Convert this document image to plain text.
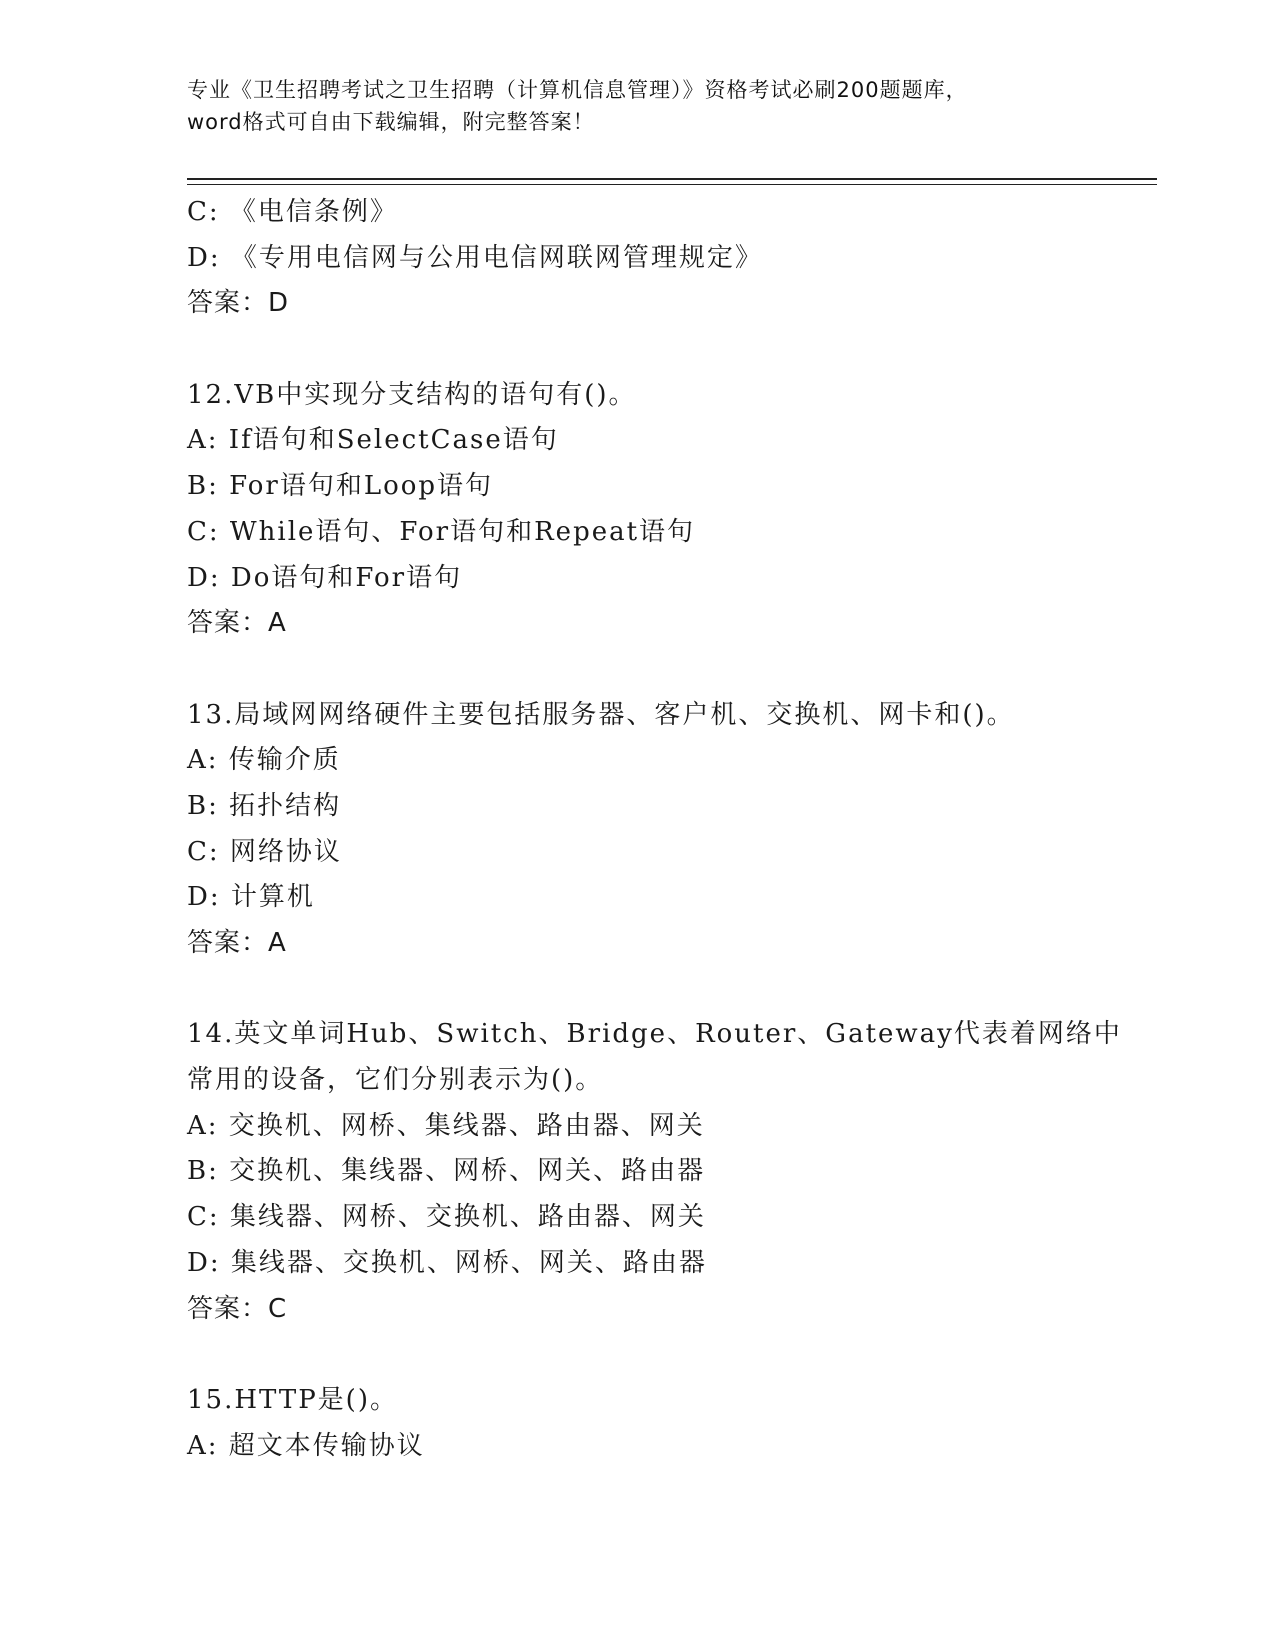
专业《卫生招聘考试之卫生招聘（计算机信息管理）》资格考试必刷200题题库，
word格式可自由下载编辑，附完整答案！
C: 《电信条例》
D: 《专用电信网与公用电信网联网管理规定》
答案：D
12.VB中实现分支结构的语句有()。
A: If语句和SelectCase语句
B: For语句和Loop语句
C: While语句、For语句和Repeat语句
D: Do语句和For语句
答案：A
13.局域网网络硬件主要包括服务器、客户机、交换机、网卡和()。
A: 传输介质
B: 拓扑结构
C: 网络协议
D: 计算机
答案：A
14.英文单词Hub、Switch、Bridge、Router、Gateway代表着网络中
常用的设备，它们分别表示为()。
A: 交换机、网桥、集线器、路由器、网关
B: 交换机、集线器、网桥、网关、路由器
C: 集线器、网桥、交换机、路由器、网关
D: 集线器、交换机、网桥、网关、路由器
答案：C
15.HTTP是()。
A: 超文本传输协议
